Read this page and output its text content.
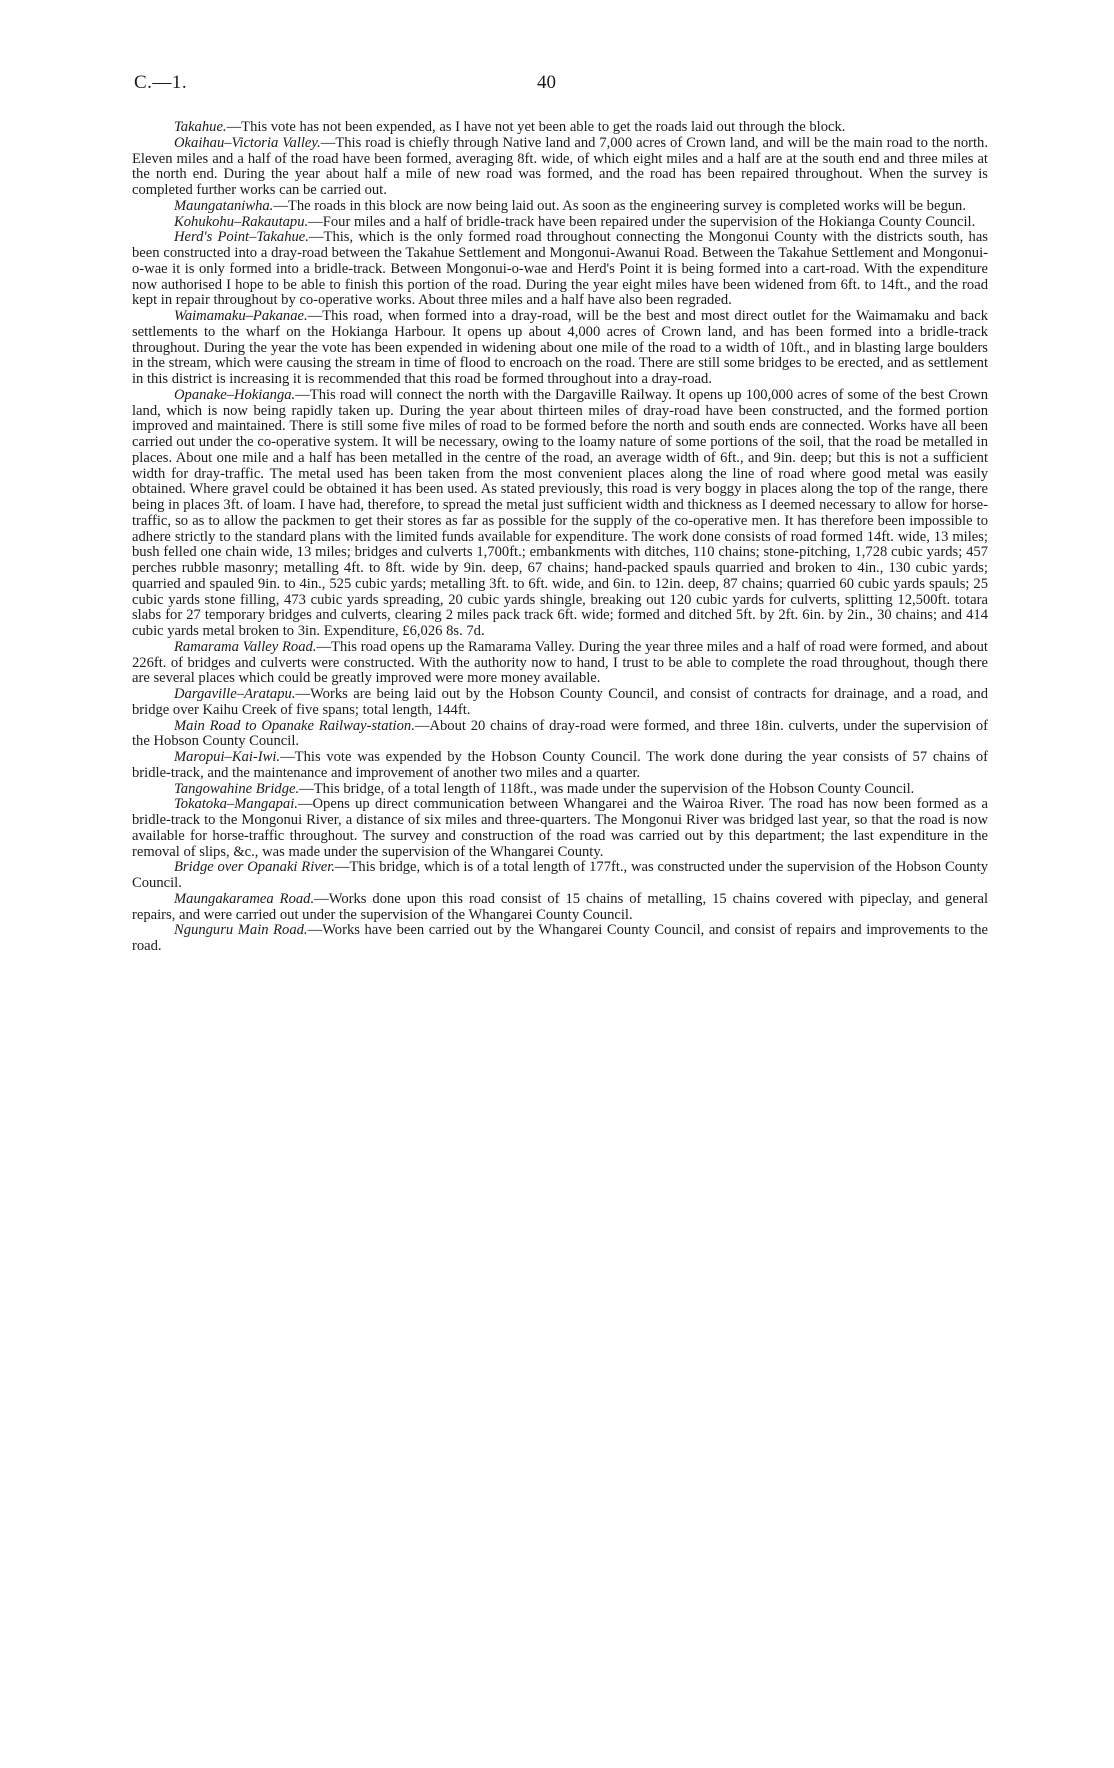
C.—1.	40

Takahue.—This vote has not been expended, as I have not yet been able to get the roads laid out through the block.

Okaihau–Victoria Valley.—This road is chiefly through Native land and 7,000 acres of Crown land, and will be the main road to the north. Eleven miles and a half of the road have been formed, averaging 8ft. wide, of which eight miles and a half are at the south end and three miles at the north end. During the year about half a mile of new road was formed, and the road has been repaired throughout. When the survey is completed further works can be carried out.

Maungataniwha.—The roads in this block are now being laid out. As soon as the engineering survey is completed works will be begun.

Kohukohu–Rakautapu.—Four miles and a half of bridle-track have been repaired under the supervision of the Hokianga County Council.

Herd's Point–Takahue.—This, which is the only formed road throughout connecting the Mongonui County with the districts south, has been constructed into a dray-road between the Takahue Settlement and Mongonui-Awanui Road. Between the Takahue Settlement and Mongonui-o-wae it is only formed into a bridle-track. Between Mongonui-o-wae and Herd's Point it is being formed into a cart-road. With the expenditure now authorised I hope to be able to finish this portion of the road. During the year eight miles have been widened from 6ft. to 14ft., and the road kept in repair throughout by co-operative works. About three miles and a half have also been regraded.

Waimamaku–Pakanae.—This road, when formed into a dray-road, will be the best and most direct outlet for the Waimamaku and back settlements to the wharf on the Hokianga Harbour. It opens up about 4,000 acres of Crown land, and has been formed into a bridle-track throughout. During the year the vote has been expended in widening about one mile of the road to a width of 10ft., and in blasting large boulders in the stream, which were causing the stream in time of flood to encroach on the road. There are still some bridges to be erected, and as settlement in this district is increasing it is recommended that this road be formed throughout into a dray-road.

Opanake–Hokianga.—This road will connect the north with the Dargaville Railway. It opens up 100,000 acres of some of the best Crown land, which is now being rapidly taken up. During the year about thirteen miles of dray-road have been constructed, and the formed portion improved and maintained. There is still some five miles of road to be formed before the north and south ends are connected. Works have all been carried out under the co-operative system. It will be necessary, owing to the loamy nature of some portions of the soil, that the road be metalled in places. About one mile and a half has been metalled in the centre of the road, an average width of 6ft., and 9in. deep; but this is not a sufficient width for dray-traffic. The metal used has been taken from the most convenient places along the line of road where good metal was easily obtained. Where gravel could be obtained it has been used. As stated previously, this road is very boggy in places along the top of the range, there being in places 3ft. of loam. I have had, therefore, to spread the metal just sufficient width and thickness as I deemed necessary to allow for horse-traffic, so as to allow the packmen to get their stores as far as possible for the supply of the co-operative men. It has therefore been impossible to adhere strictly to the standard plans with the limited funds available for expenditure. The work done consists of road formed 14ft. wide, 13 miles; bush felled one chain wide, 13 miles; bridges and culverts 1,700ft.; embankments with ditches, 110 chains; stone-pitching, 1,728 cubic yards; 457 perches rubble masonry; metalling 4ft. to 8ft. wide by 9in. deep, 67 chains; hand-packed spauls quarried and broken to 4in., 130 cubic yards; quarried and spauled 9in. to 4in., 525 cubic yards; metalling 3ft. to 6ft. wide, and 6in. to 12in. deep, 87 chains; quarried 60 cubic yards spauls; 25 cubic yards stone filling, 473 cubic yards spreading, 20 cubic yards shingle, breaking out 120 cubic yards for culverts, splitting 12,500ft. totara slabs for 27 temporary bridges and culverts, clearing 2 miles pack track 6ft. wide; formed and ditched 5ft. by 2ft. 6in. by 2in., 30 chains; and 414 cubic yards metal broken to 3in. Expenditure, £6,026 8s. 7d.

Ramarama Valley Road.—This road opens up the Ramarama Valley. During the year three miles and a half of road were formed, and about 226ft. of bridges and culverts were constructed. With the authority now to hand, I trust to be able to complete the road throughout, though there are several places which could be greatly improved were more money available.

Dargaville–Aratapu.—Works are being laid out by the Hobson County Council, and consist of contracts for drainage, and a road, and bridge over Kaihu Creek of five spans; total length, 144ft.

Main Road to Opanake Railway-station.—About 20 chains of dray-road were formed, and three 18in. culverts, under the supervision of the Hobson County Council.

Maropui–Kai-Iwi.—This vote was expended by the Hobson County Council. The work done during the year consists of 57 chains of bridle-track, and the maintenance and improvement of another two miles and a quarter.

Tangowahine Bridge.—This bridge, of a total length of 118ft., was made under the supervision of the Hobson County Council.

Tokatoka–Mangapai.—Opens up direct communication between Whangarei and the Wairoa River. The road has now been formed as a bridle-track to the Mongonui River, a distance of six miles and three-quarters. The Mongonui River was bridged last year, so that the road is now available for horse-traffic throughout. The survey and construction of the road was carried out by this department; the last expenditure in the removal of slips, &c., was made under the supervision of the Whangarei County.

Bridge over Opanaki River.—This bridge, which is of a total length of 177ft., was constructed under the supervision of the Hobson County Council.

Maungakaramea Road.—Works done upon this road consist of 15 chains of metalling, 15 chains covered with pipeclay, and general repairs, and were carried out under the supervision of the Whangarei County Council.

Ngunguru Main Road.—Works have been carried out by the Whangarei County Council, and consist of repairs and improvements to the road.
